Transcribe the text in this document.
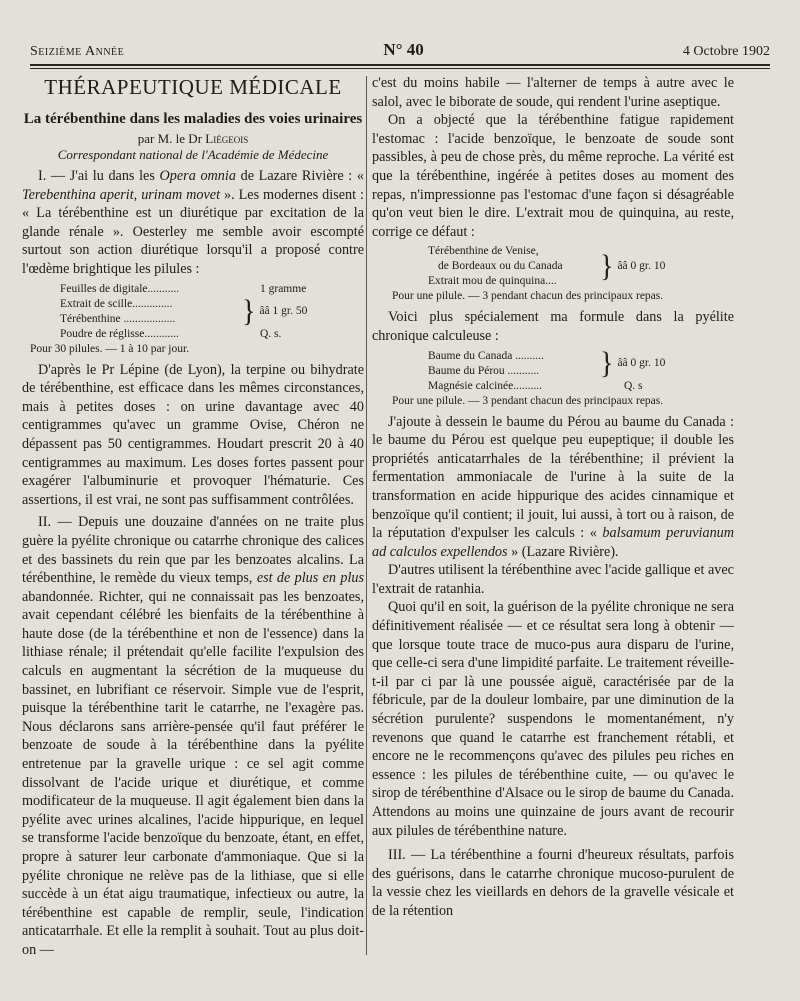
Seizième Année	N° 40	4 Octobre 1902
THÉRAPEUTIQUE MÉDICALE
La térébenthine dans les maladies des voies urinaires
par M. le Dr Liégeois
Correspondant national de l'Académie de Médecine

I. — J'ai lu dans les Opera omnia de Lazare Rivière : « Terebenthina aperit, urinam movet ». Les modernes disent : « La térébenthine est un diurétique par excitation de la glande rénale ». Oesterley me semble avoir escompté surtout son action diurétique lorsqu'il a proposé contre l'œdème brightique les pilules :

Feuilles de digitale...........	1 gramme
Extrait de scille..............
Térébenthine ..................	} ââ 1 gr. 50
Poudre de réglisse............	Q. s.
Pour 30 pilules. — 1 à 10 par jour.

D'après le Pr Lépine (de Lyon), la terpine ou bihydrate de térébenthine, est efficace dans les mêmes circonstances, mais à petites doses : on urine davantage avec 40 centigrammes qu'avec un gramme Ovise, Chéron ne dépassent pas 50 centigrammes. Houdart prescrit 20 à 40 centigrammes au maximum. Les doses fortes passent pour exagérer l'albuminurie et provoquer l'hématurie. Ces assertions, il est vrai, ne sont pas suffisamment contrôlées.

II. — Depuis une douzaine d'années on ne traite plus guère la pyélite chronique ou catarrhe chronique des calices et des bassinets du rein que par les benzoates alcalins. La térébenthine, le remède du vieux temps, est de plus en plus abandonnée. Richter, qui ne connaissait pas les benzoates, avait cependant célébré les bienfaits de la térébenthine à haute dose (de la térébenthine et non de l'essence) dans la lithiase rénale; il prétendait qu'elle facilite l'expulsion des calculs en augmentant la sécrétion de la muqueuse du bassinet, en lubrifiant ce réservoir. Simple vue de l'esprit, puisque la térébenthine tarit le catarrhe, ne l'exagère pas. Nous déclarons sans arrière-pensée qu'il faut préférer le benzoate de soude à la térébenthine dans la pyélite entretenue par la gravelle urique : ce sel agit comme dissolvant de l'acide urique et diurétique, et comme modificateur de la muqueuse. Il agit également bien dans la pyélite avec urines alcalines, l'acide hippurique, en lequel se transforme l'acide benzoïque du benzoate, étant, en effet, propre à saturer leur carbonate d'ammoniaque. Que si la pyélite chronique ne relève pas de la lithiase, que si elle succède à un état aigu traumatique, infectieux ou autre, la térébenthine est capable de remplir, seule, l'indication anticatarrhale. Et elle la remplit à souhait. Tout au plus doit-on —

c'est du moins habile — l'alterner de temps à autre avec le salol, avec le biborate de soude, qui rendent l'urine aseptique.

On a objecté que la térébenthine fatigue rapidement l'estomac : l'acide benzoïque, le benzoate de soude sont passibles, à peu de chose près, du même reproche. La vérité est que la térébenthine, ingérée à petites doses au moment des repas, n'impressionne pas l'estomac d'une façon si désagréable qu'on veut bien le dire. L'extrait mou de quinquina, au reste, corrige ce défaut :

Térébenthine de Venise,
de Bordeaux ou du Canada
Extrait mou de quinquina....	} ââ 0 gr. 10
Pour une pilule. — 3 pendant chacun des principaux repas.

Voici plus spécialement ma formule dans la pyélite chronique calculeuse :

Baume du Canada ..........
Baume du Pérou ...........	} ââ 0 gr. 10
Magnésie calcinée..........	Q. s
Pour une pilule. — 3 pendant chacun des principaux repas.

J'ajoute à dessein le baume du Pérou au baume du Canada : le baume du Pérou est quelque peu eupeptique; il double les propriétés anticatarrhales de la térébenthine; il prévient la fermentation ammoniacale de l'urine à la suite de la transformation en acide hippurique des acides cinnamique et benzoïque qu'il contient; il jouit, lui aussi, à tort ou à raison, de la réputation d'expulser les calculs : « balsamum peruvianum ad calculos expellendos » (Lazare Rivière).

D'autres utilisent la térébenthine avec l'acide gallique et avec l'extrait de ratanhia.

Quoi qu'il en soit, la guérison de la pyélite chronique ne sera définitivement réalisée — et ce résultat sera long à obtenir — que lorsque toute trace de muco-pus aura disparu de l'urine, que celle-ci sera d'une limpidité parfaite. Le traitement réveille-t-il par ci par là une poussée aiguë, caractérisée par de la fébricule, par de la douleur lombaire, par une diminution de la sécrétion purulente? suspendons le momentanément, n'y revenons que quand le catarrhe est franchement rétabli, et encore ne le recommençons qu'avec des pilules peu riches en essence : les pilules de térébenthine cuite, — ou qu'avec le sirop de térébenthine d'Alsace ou le sirop de baume du Canada. Attendons au moins une quinzaine de jours avant de recourir aux pilules de térébenthine nature.

III. — La térébenthine a fourni d'heureux résultats, parfois des guérisons, dans le catarrhe chronique mucoso-purulent de la vessie chez les vieillards en dehors de la gravelle vésicale et de la rétention
